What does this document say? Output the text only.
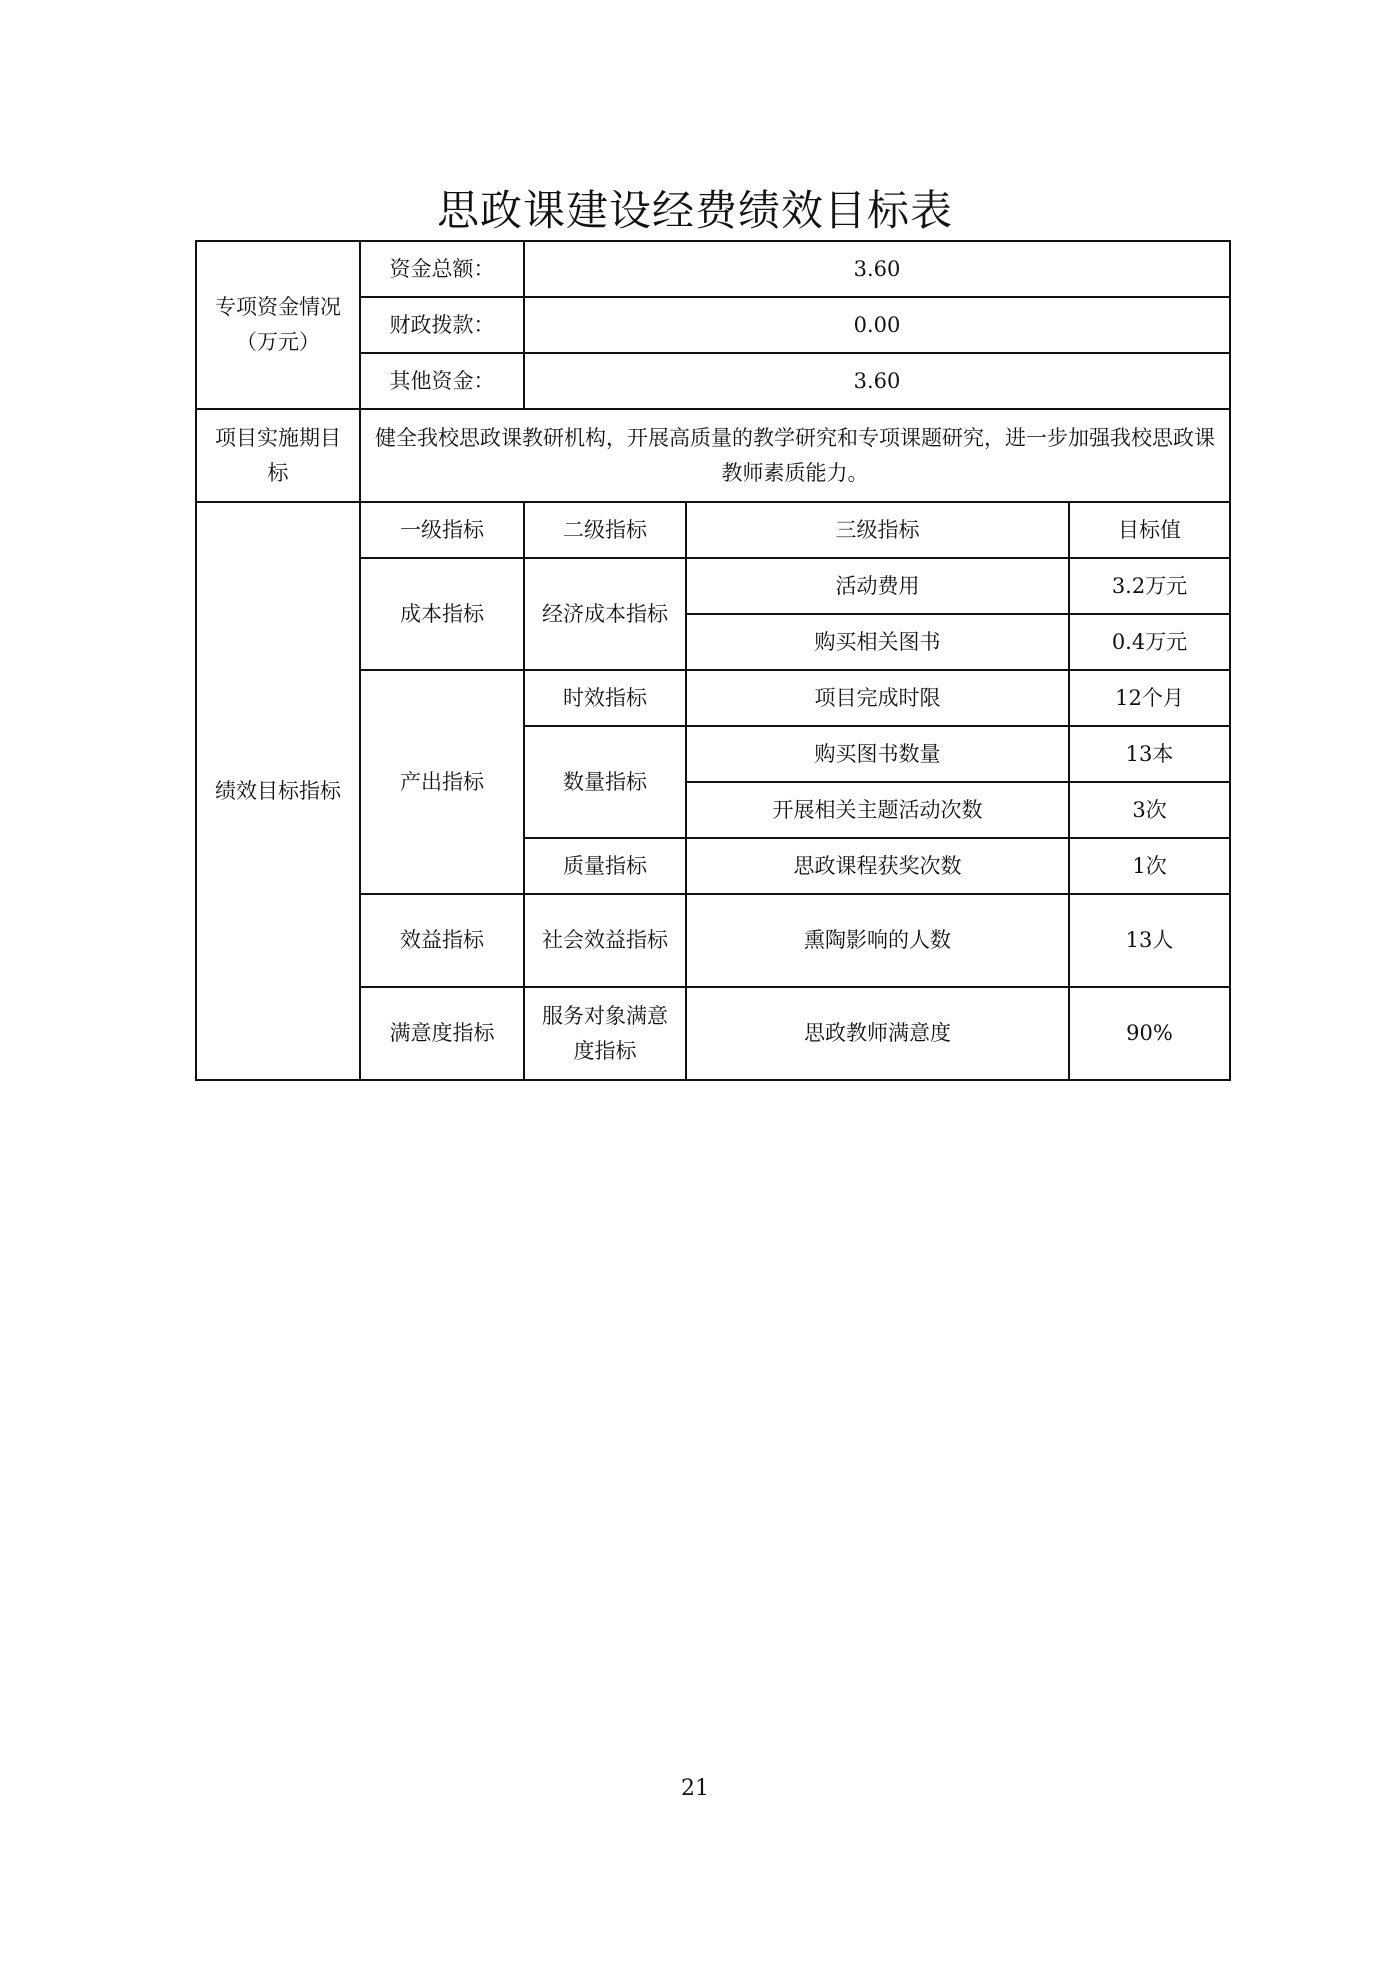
思政课建设经费绩效目标表
专项资金情况（万元）	资金总额：	3.60		
	财政拨款：	0.00		
	其他资金：	3.60		
项目实施期目标	健全我校思政课教研机构，开展高质量的教学研究和专项课题研究，进一步加强我校思政课教师素质能力。			
绩效目标指标	一级指标	二级指标	三级指标	目标值
	成本指标	经济成本指标	活动费用	3.2万元
			购买相关图书	0.4万元
	产出指标	时效指标	项目完成时限	12个月
		数量指标	购买图书数量	13本
			开展相关主题活动次数	3次
		质量指标	思政课程获奖次数	1次
	效益指标	社会效益指标	熏陶影响的人数	13人
	满意度指标	服务对象满意度指标	思政教师满意度	90%
21
